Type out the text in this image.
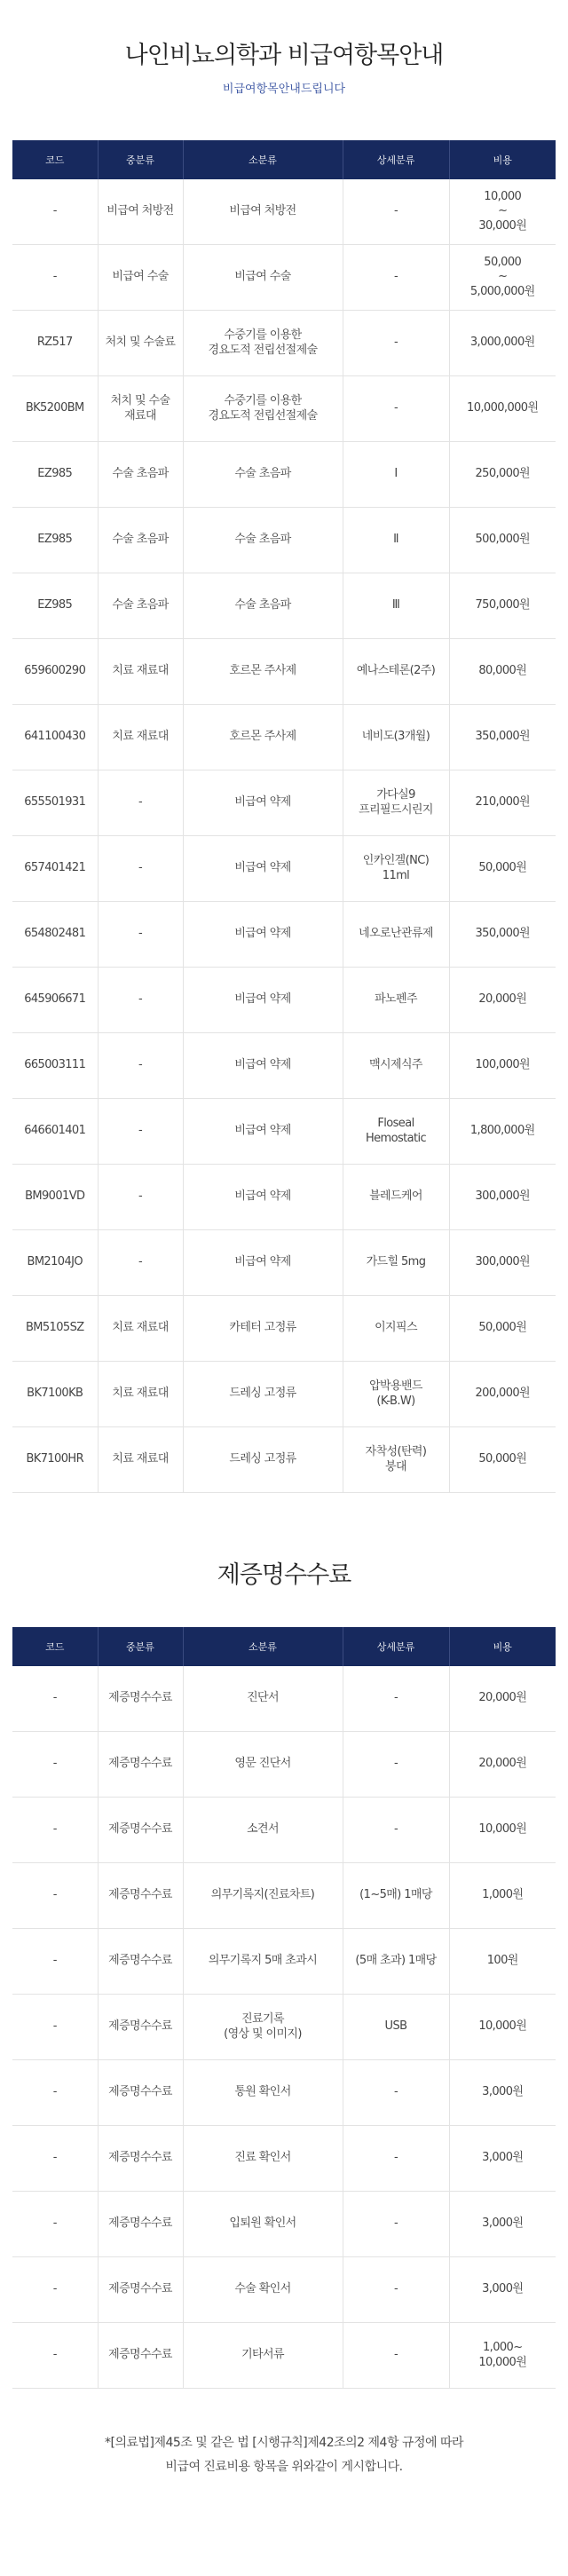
나인비뇨의학과 비급여항목안내
비급여항목안내드립니다
코드	중분류	소분류	상세분류	비용
-	비급여 처방전	비급여 처방전	-	10,000
~
30,000원
-	비급여 수술	비급여 수술	-	50,000
~
5,000,000원
RZ517	처치 및 수술료	수중기를 이용한
경요도적 전립선절제술	-	3,000,000원
BK5200BM	처치 및 수술
재료대	수중기를 이용한
경요도적 전립선절제술	-	10,000,000원
EZ985	수술 초음파	수술 초음파	Ⅰ	250,000원
EZ985	수술 초음파	수술 초음파	Ⅱ	500,000원
EZ985	수술 초음파	수술 초음파	Ⅲ	750,000원
659600290	치료 재료대	호르몬 주사제	예나스테론(2주)	80,000원
641100430	치료 재료대	호르몬 주사제	네비도(3개월)	350,000원
655501931	-	비급여 약제	가다실9
프리필드시린지	210,000원
657401421	-	비급여 약제	인카인겔(NC)
11ml	50,000원
654802481	-	비급여 약제	네오로난관류제	350,000원
645906671	-	비급여 약제	파노펜주	20,000원
665003111	-	비급여 약제	맥시제식주	100,000원
646601401	-	비급여 약제	Floseal
Hemostatic	1,800,000원
BM9001VD	-	비급여 약제	블레드케어	300,000원
BM2104JO	-	비급여 약제	가드힐 5mg	300,000원
BM5105SZ	치료 재료대	카테터 고정류	이지픽스	50,000원
BK7100KB	치료 재료대	드레싱 고정류	압박용밴드
(K-B.W)	200,000원
BK7100HR	치료 재료대	드레싱 고정류	자착성(탄력)
붕대	50,000원
제증명수수료
코드	중분류	소분류	상세분류	비용
-	제증명수수료	진단서	-	20,000원
-	제증명수수료	영문 진단서	-	20,000원
-	제증명수수료	소견서	-	10,000원
-	제증명수수료	의무기록지(진료차트)	(1~5매) 1매당	1,000원
-	제증명수수료	의무기록지 5매 초과시	(5매 초과) 1매당	100원
-	제증명수수료	진료기록
(영상 및 이미지)	USB	10,000원
-	제증명수수료	통원 확인서	-	3,000원
-	제증명수수료	진료 확인서	-	3,000원
-	제증명수수료	입퇴원 확인서	-	3,000원
-	제증명수수료	수술 확인서	-	3,000원
-	제증명수수료	기타서류	-	1,000~
10,000원
*[의료법]제45조 및 같은 법 [시행규칙]제42조의2 제4항 규정에 따라
비급여 진료비용 항목을 위와같이 게시합니다.
